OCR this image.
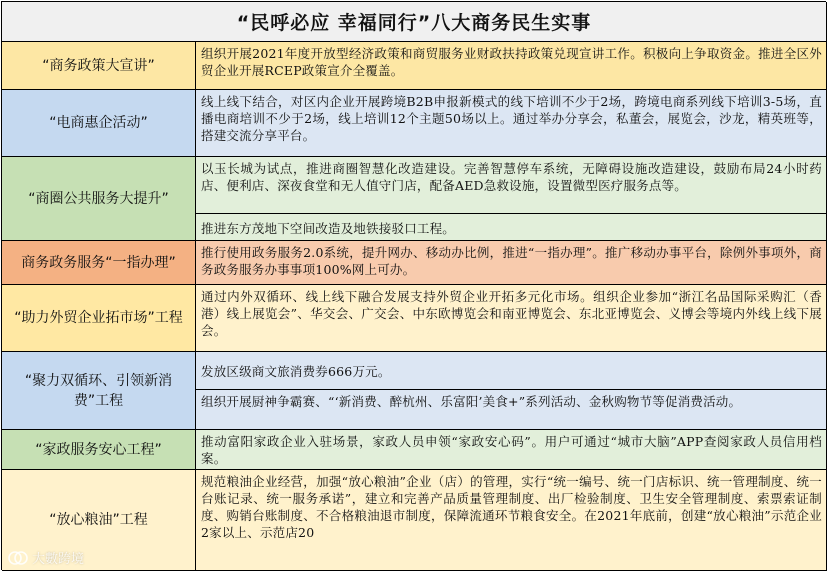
“民呼必应 幸福同行”八大商务民生实事
“商务政策大宣讲”
组织开展2021年度开放型经济政策和商贸服务业财政扶持政策兑现宣讲工作。积极向上争取资金。推进全区外贸企业开展RCEP政策宣介全覆盖。
“电商惠企活动”
线上线下结合，对区内企业开展跨境B2B申报新模式的线下培训不少于2场，跨境电商系列线下培训3-5场，直播电商培训不少于2场，线上培训12个主题50场以上。通过举办分享会，私董会，展览会，沙龙，精英班等，搭建交流分享平台。
“商圈公共服务大提升”
以玉长城为试点，推进商圈智慧化改造建设。完善智慧停车系统，无障碍设施改造建设，鼓励布局24小时药店、便利店、深夜食堂和无人值守门店，配备AED急救设施，设置微型医疗服务点等。
推进东方茂地下空间改造及地铁接驳口工程。
商务政务服务“一指办理”
推行使用政务服务2.0系统，提升网办、移动办比例，推进“一指办理”。推广移动办事平台，除例外事项外，商务政务服务办事事项100%网上可办。
“助力外贸企业拓市场”工程
通过内外双循环、线上线下融合发展支持外贸企业开拓多元化市场。组织企业参加“浙江名品国际采购汇（香港）线上展览会”、华交会、广交会、中东欧博览会和南亚博览会、东北亚博览会、义博会等境内外线上线下展会。
“聚力双循环、引领新消费”工程
发放区级商文旅消费券666万元。
组织开展厨神争霸赛、“‘新消费、醉杭州、乐富阳’美食+”系列活动、金秋购物节等促消费活动。
“家政服务安心工程”	推动富阳家政企业入驻场景，家政人员申领“家政安心码”。用户可通过“城市大脑”APP查阅家政人员信用档案。
“放心粮油”工程
规范粮油企业经营，加强“放心粮油”企业（店）的管理，实行“统一编号、统一门店标识、统一管理制度、统一台账记录、统一服务承诺”，建立和完善产品质量管理制度、出厂检验制度、卫生安全管理制度、索票索证制度、购销台账制度、不合格粮油退市制度，保障流通环节粮食安全。在2021年底前，创建“放心粮油”示范企业2家以上、示范店20
大數跨境
